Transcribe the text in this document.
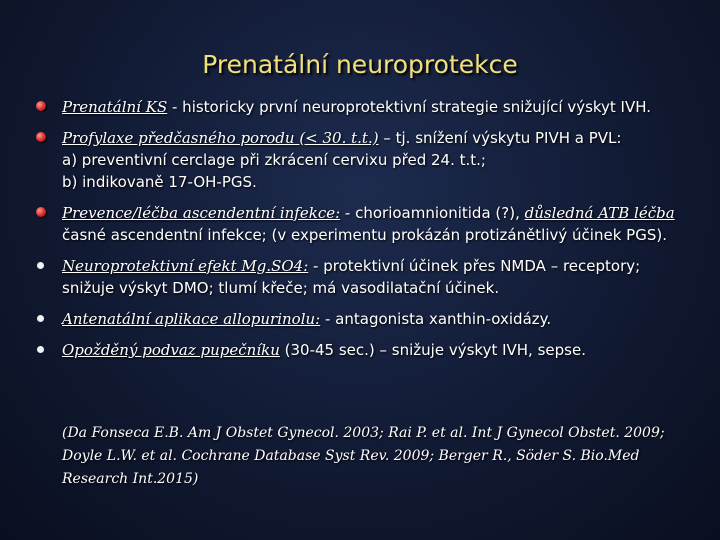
Prenatální neuroprotekce
Prenatální KS - historicky první neuroprotektivní strategie snižující výskyt IVH.
Profylaxe předčasného porodu (< 30. t.t.) – tj. snížení výskytu PIVH a PVL:
a) preventivní cerclage při zkrácení cervixu před 24. t.t.;
b) indikovaně 17-OH-PGS.
Prevence/léčba ascendentní infekce: - chorioamnionitida (?), důsledná ATB léčba
časné ascendentní infekce; (v experimentu prokázán protizánětlivý účinek PGS).
Neuroprotektivní efekt Mg.SO4: - protektivní účinek přes NMDA – receptory;
snižuje výskyt DMO; tlumí křeče; má vasodilatační účinek.
Antenatální aplikace allopurinolu: - antagonista xanthin-oxidázy.
Opožděný podvaz pupečníku (30-45 sec.) – snižuje výskyt IVH, sepse.
(Da Fonseca E.B. Am J Obstet Gynecol. 2003; Rai P. et al. Int J Gynecol Obstet. 2009;
Doyle L.W. et al. Cochrane Database Syst Rev. 2009; Berger R., Söder S. Bio.Med
Research Int.2015)
